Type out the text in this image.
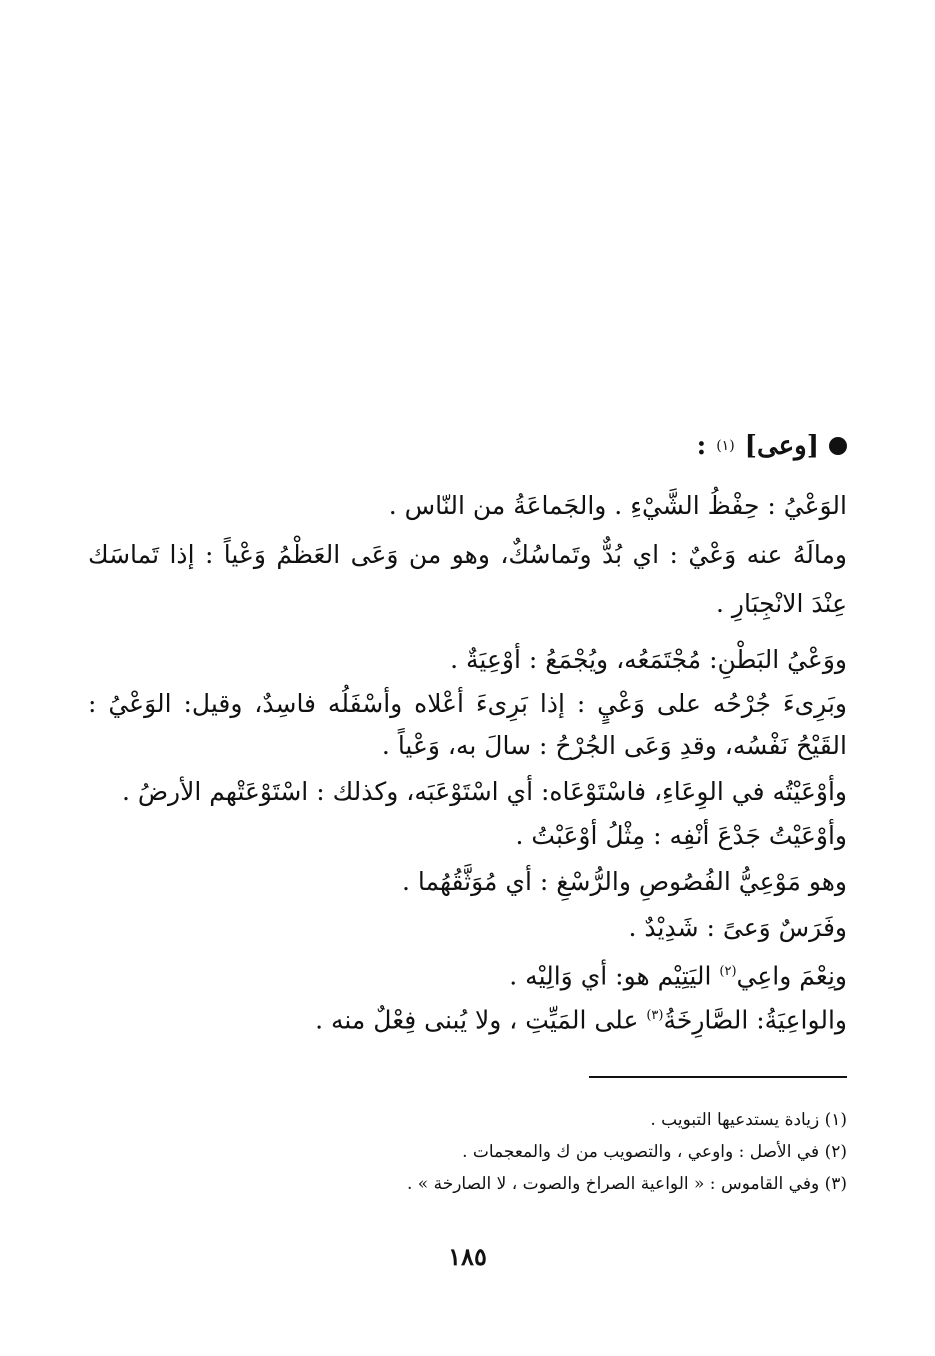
[وعى]
(١)
:
الوَعْيُ : حِفْظُ الشَّيْءِ . والجَماعَةُ من النّاس .
ومالَهُ عنه وَعْيٌ : اي بُدٌّ وتَماسُكٌ، وهو من وَعَى العَظْمُ وَعْياً : إذا تَماسَك
عِنْدَ الانْجِبَارِ .
ووَعْيُ البَطْنِ: مُجْتَمَعُه، ويُجْمَعُ : أوْعِيَةٌ .
وبَرِىءَ جُرْحُه على وَعْيٍ : إذا بَرِىءَ أعْلاه وأسْفَلُه فاسِدٌ، وقيل: الوَعْيُ :
القَيْحُ نَفْسُه، وقدِ وَعَى الجُرْحُ : سالَ به، وَعْياً .
وأوْعَيْتُه في الوِعَاءِ، فاسْتَوْعَاه: أي اسْتَوْعَبَه، وكذلك : اسْتَوْعَتْهم الأرضُ .
وأوْعَيْتُ جَدْعَ أنْفِه : مِثْلُ أوْعَبْتُ .
وهو مَوْعِيُّ الفُصُوصِ والرُّسْغِ : أي مُوَثَّقُهُما .
وفَرَسٌ وَعىً : شَدِيْدٌ .
ونِعْمَ واعِي$^{(٢)}$ اليَتِيْم هو: أي وَالِيْه .
والواعِيَةُ: الصَّارِخَةُ$^{(٣)}$ على المَيِّتِ ، ولا يُبنى فِعْلٌ منه .
(١) زيادة يستدعيها التبويب .
(٢) في الأصل : واوعي ، والتصويب من ك والمعجمات .
(٣) وفي القاموس : « الواعية الصراخ والصوت ، لا الصارخة » .
١٨٥
